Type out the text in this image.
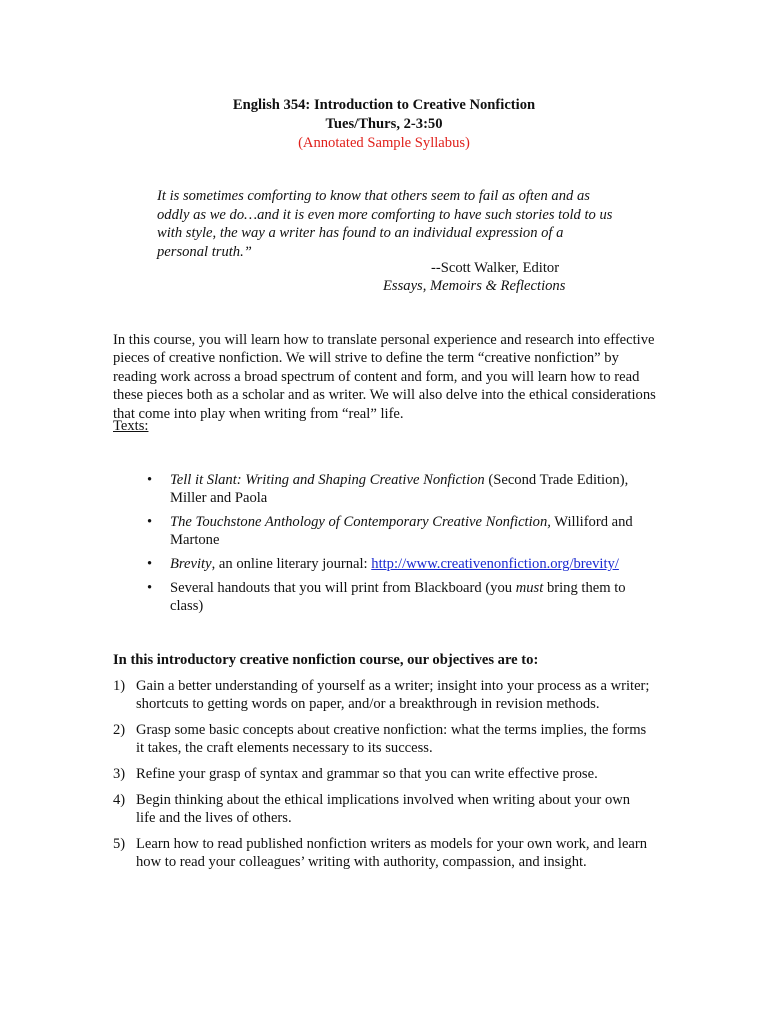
English 354: Introduction to Creative Nonfiction
Tues/Thurs, 2-3:50
(Annotated Sample Syllabus)
It is sometimes comforting to know that others seem to fail as often and as oddly as we do…and it is even more comforting to have such stories told to us with style, the way a writer has found to an individual expression of a personal truth.”
--Scott Walker, Editor
Essays, Memoirs & Reflections
In this course, you will learn how to translate personal experience and research into effective pieces of creative nonfiction. We will strive to define the term “creative nonfiction” by reading work across a broad spectrum of content and form, and you will learn how to read these pieces both as a scholar and as writer. We will also delve into the ethical considerations that come into play when writing from “real” life.
Texts:
• Tell it Slant: Writing and Shaping Creative Nonfiction (Second Trade Edition), Miller and Paola
• The Touchstone Anthology of Contemporary Creative Nonfiction, Williford and Martone
• Brevity, an online literary journal: http://www.creativenonfiction.org/brevity/
• Several handouts that you will print from Blackboard (you must bring them to class)
In this introductory creative nonfiction course, our objectives are to:
1) Gain a better understanding of yourself as a writer; insight into your process as a writer; shortcuts to getting words on paper, and/or a breakthrough in revision methods.
2) Grasp some basic concepts about creative nonfiction: what the terms implies, the forms it takes, the craft elements necessary to its success.
3) Refine your grasp of syntax and grammar so that you can write effective prose.
4) Begin thinking about the ethical implications involved when writing about your own life and the lives of others.
5) Learn how to read published nonfiction writers as models for your own work, and learn how to read your colleagues’ writing with authority, compassion, and insight.
